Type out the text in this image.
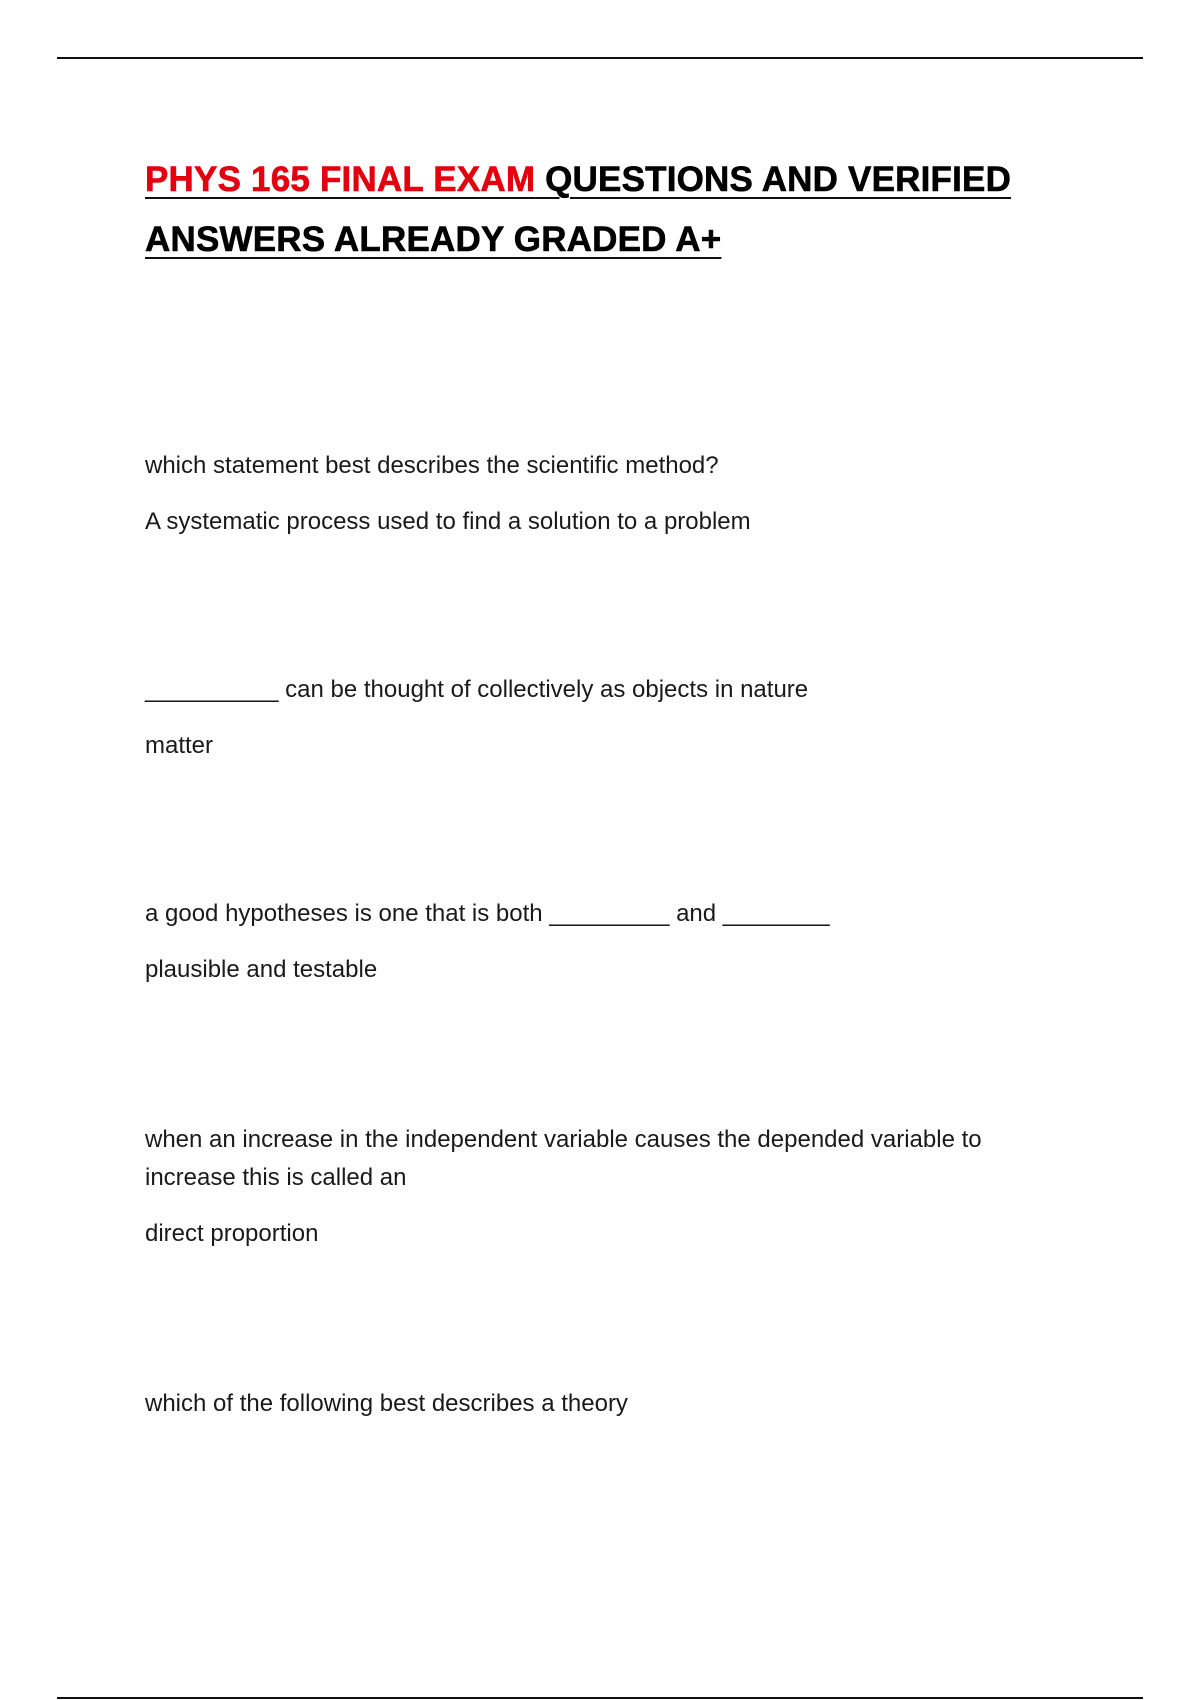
PHYS 165 FINAL EXAM QUESTIONS AND VERIFIED ANSWERS ALREADY GRADED A+

which statement best describes the scientific method?

A systematic process used to find a solution to a problem

__________ can be thought of collectively as objects in nature

matter

a good hypotheses is one that is both _________ and ________

plausible and testable

when an increase in the independent variable causes the depended variable to increase this is called an

direct proportion

which of the following best describes a theory
